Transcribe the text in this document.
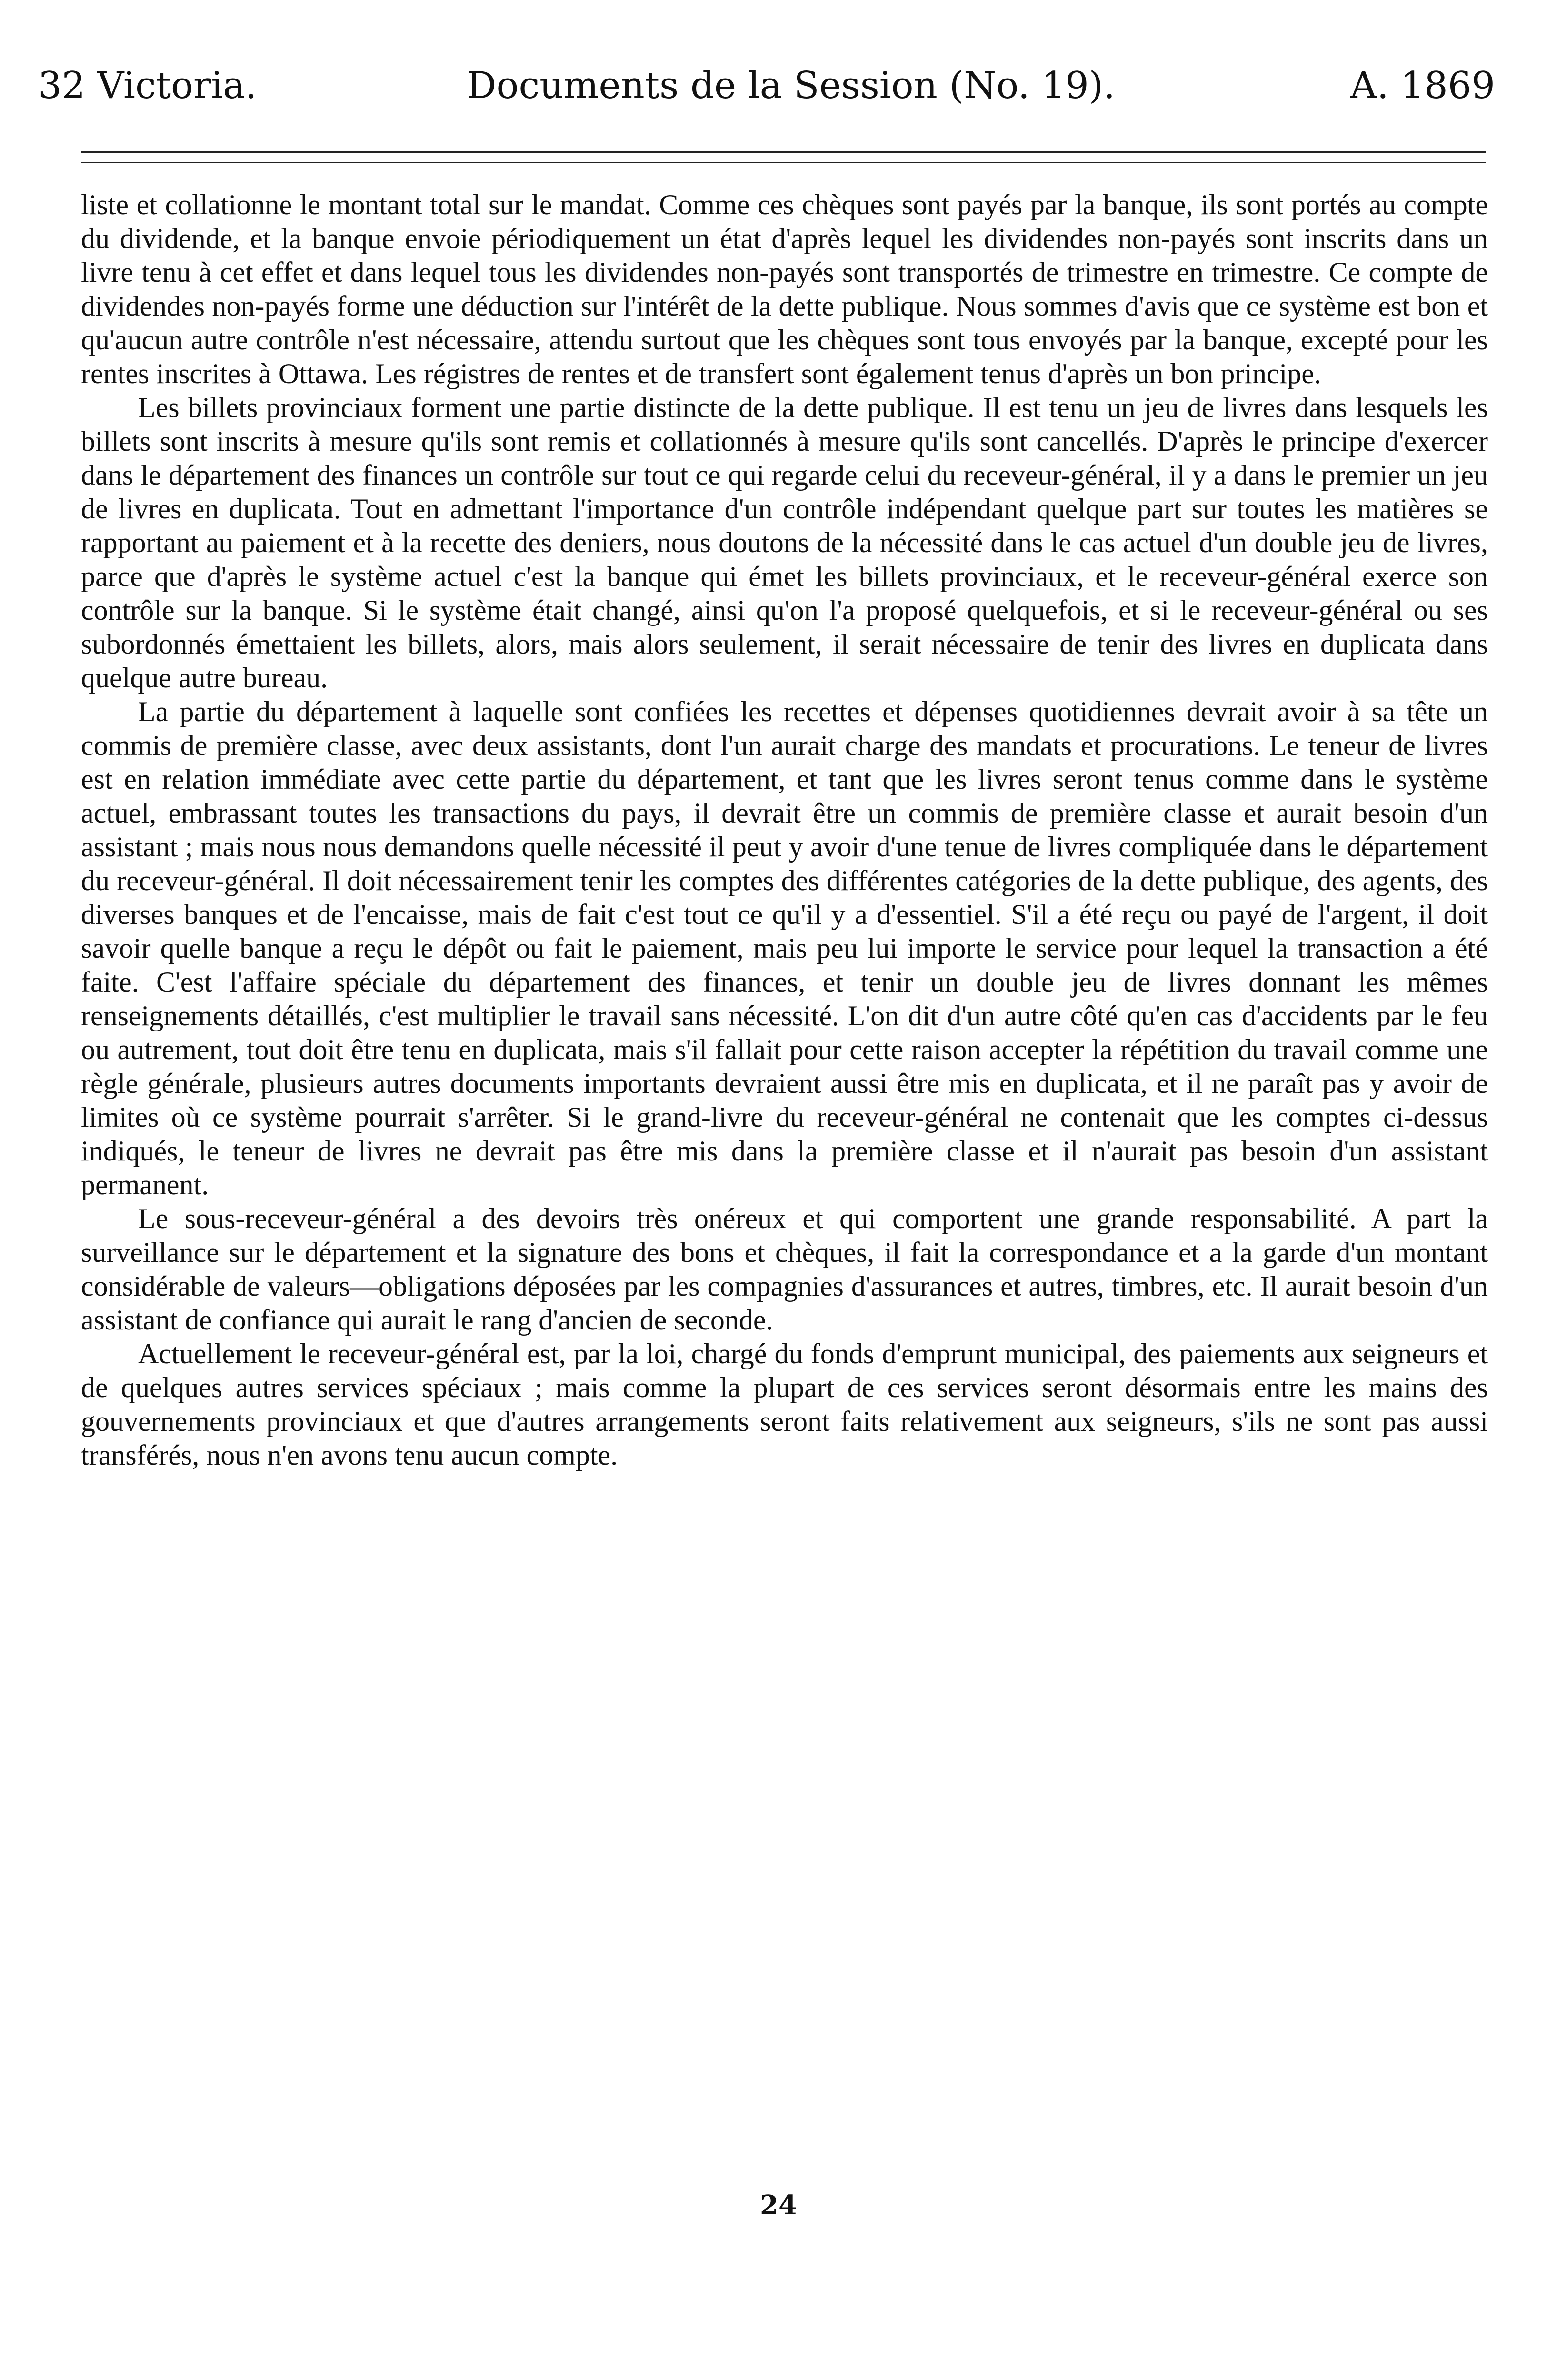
32 Victoria.	Documents de la Session (No. 19).	A. 1869

liste et collationne le montant total sur le mandat. Comme ces chèques sont payés par la banque, ils sont portés au compte du dividende, et la banque envoie périodiquement un état d'après lequel les dividendes non-payés sont inscrits dans un livre tenu à cet effet et dans lequel tous les dividendes non-payés sont transportés de trimestre en trimestre. Ce compte de dividendes non-payés forme une déduction sur l'intérêt de la dette publique. Nous sommes d'avis que ce système est bon et qu'aucun autre contrôle n'est nécessaire, attendu surtout que les chèques sont tous envoyés par la banque, excepté pour les rentes inscrites à Ottawa. Les régistres de rentes et de transfert sont également tenus d'après un bon principe.

Les billets provinciaux forment une partie distincte de la dette publique. Il est tenu un jeu de livres dans lesquels les billets sont inscrits à mesure qu'ils sont remis et collationnés à mesure qu'ils sont cancellés. D'après le principe d'exercer dans le département des finances un contrôle sur tout ce qui regarde celui du receveur-général, il y a dans le premier un jeu de livres en duplicata. Tout en admettant l'importance d'un contrôle indépendant quelque part sur toutes les matières se rapportant au paiement et à la recette des deniers, nous doutons de la nécessité dans le cas actuel d'un double jeu de livres, parce que d'après le système actuel c'est la banque qui émet les billets provinciaux, et le receveur-général exerce son contrôle sur la banque. Si le système était changé, ainsi qu'on l'a proposé quelquefois, et si le receveur-général ou ses subordonnés émettaient les billets, alors, mais alors seulement, il serait nécessaire de tenir des livres en duplicata dans quelque autre bureau.

La partie du département à laquelle sont confiées les recettes et dépenses quotidiennes devrait avoir à sa tête un commis de première classe, avec deux assistants, dont l'un aurait charge des mandats et procurations. Le teneur de livres est en relation immédiate avec cette partie du département, et tant que les livres seront tenus comme dans le système actuel, embrassant toutes les transactions du pays, il devrait être un commis de première classe et aurait besoin d'un assistant ; mais nous nous demandons quelle nécessité il peut y avoir d'une tenue de livres compliquée dans le département du receveur-général. Il doit nécessairement tenir les comptes des différentes catégories de la dette publique, des agents, des diverses banques et de l'encaisse, mais de fait c'est tout ce qu'il y a d'essentiel. S'il a été reçu ou payé de l'argent, il doit savoir quelle banque a reçu le dépôt ou fait le paiement, mais peu lui importe le service pour lequel la transaction a été faite. C'est l'affaire spéciale du département des finances, et tenir un double jeu de livres donnant les mêmes renseignements détaillés, c'est multiplier le travail sans nécessité. L'on dit d'un autre côté qu'en cas d'accidents par le feu ou autrement, tout doit être tenu en duplicata, mais s'il fallait pour cette raison accepter la répétition du travail comme une règle générale, plusieurs autres documents importants devraient aussi être mis en duplicata, et il ne paraît pas y avoir de limites où ce système pourrait s'arrêter. Si le grand-livre du receveur-général ne contenait que les comptes ci-dessus indiqués, le teneur de livres ne devrait pas être mis dans la première classe et il n'aurait pas besoin d'un assistant permanent.

Le sous-receveur-général a des devoirs très onéreux et qui comportent une grande responsabilité. A part la surveillance sur le département et la signature des bons et chèques, il fait la correspondance et a la garde d'un montant considérable de valeurs—obligations déposées par les compagnies d'assurances et autres, timbres, etc. Il aurait besoin d'un assistant de confiance qui aurait le rang d'ancien de seconde.

Actuellement le receveur-général est, par la loi, chargé du fonds d'emprunt municipal, des paiements aux seigneurs et de quelques autres services spéciaux ; mais comme la plupart de ces services seront désormais entre les mains des gouvernements provinciaux et que d'autres arrangements seront faits relativement aux seigneurs, s'ils ne sont pas aussi transférés, nous n'en avons tenu aucun compte.

24
